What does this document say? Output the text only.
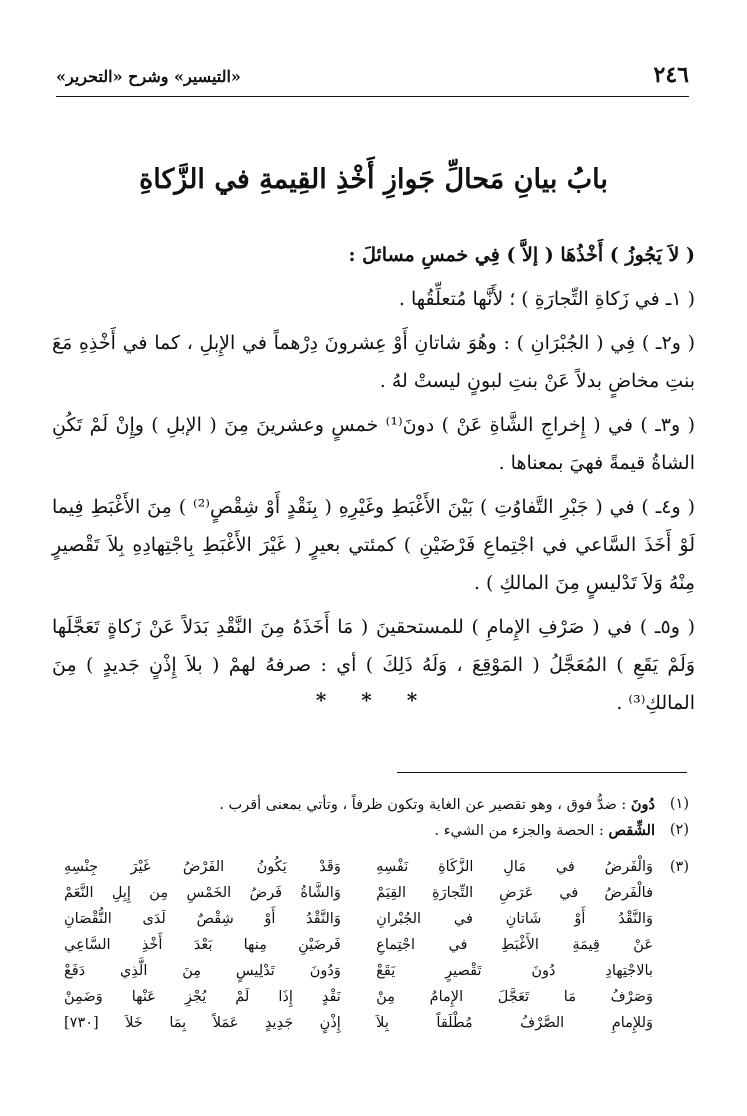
٢٤٦
«التيسير» وشرح «التحرير»
بابُ بيانِ مَحالِّ جَوازِ أَخْذِ القِيمةِ في الزَّكاةِ

( لاَ يَجُوزُ ) أَخْذُهَا ( إلاَّ ) فِي خمسِ مسائلَ :

( ١ـ في زَكاةِ التِّجارَةِ ) ؛ لأَنَّها مُتعلِّقُها .

( و٢ـ ) فِي ( الجُبْرَانِ ) : وهُوَ شاتانِ أَوْ عِشرونَ دِرْهماً في الإِبلِ ، كما في أَخْذِهِ مَعَ بنتِ مخاضٍ بدلاً عَنْ بنتِ لبونٍ ليستْ لهُ .

( و٣ـ ) في ( إِخراجِ الشَّاةِ عَنْ ) دونَ⁽¹⁾ خمسٍ وعشرينَ مِنَ ( الإبلِ ) وإِنْ لَمْ تَكُنِ الشاةُ قيمةً فهيَ بمعناها .

( و٤ـ ) في ( جَبْرِ التَّفاوُتِ ) بَيْنَ الأَغْبَطِ وغَيْرِهِ ( بِنَقْدٍ أَوْ شِقْصٍ⁽²⁾ ) مِنَ الأَغْبَطِ فِيما لَوْ أَخَذَ السَّاعي في اجْتِماعِ فَرْضَيْنِ ) كمئتي بعيرٍ ( غَيْرَ الأَغْبَطِ بِاجْتِهادِهِ بِلاَ تَقْصيرٍ مِنْهُ وَلاَ تَدْليسٍ مِنَ المالكِ ) .

( و٥ـ ) في ( صَرْفِ الإِمامِ ) للمستحقينَ ( مَا أَخَذَهُ مِنَ النَّقْدِ بَدَلاً عَنْ زَكاةٍ تَعَجَّلَها وَلَمْ يَقَعِ ) المُعَجَّلُ ( المَوْقِعَ ، وَلَهُ ذَلِكَ ) أي : صرفهُ لهمْ ( بلاَ إِذْنٍ جَديدٍ ) مِنَ المالكِ⁽³⁾ .

* * *
(١)
دُونَ : ضدُّ فوق ، وهو تقصير عن الغاية وتكون ظرفاً ، وتأتي بمعنى أقرب .
(٢)
الشِّقص : الحصة والجزء من الشيء .
(٣)
وَالْفَرضُ في مَالِ الزَّكَاةِ نَفْسِهِ
وَقَدْ يَكُونُ الفَرْضُ غَيْرَ جِنْسِهِ
فالْفَرضُ في عَرَضِ التِّجارَةِ القِيَمْ
وَالشَّاةُ فَرضُ الخَمْسِ مِن إِبِلِ النَّعَمْ
وَالنَّقْدُ أَوْ شَاتانِ في الجُبْرانِ
وَالنَّقْدُ أَوْ شِقْصٌ لَدَى النُّقْصَانِ
عَنْ قِيمَةِ الأَغْبَطِ في اجْتِماعِ
فَرضَيْنِ مِنها بَعْدَ أَخْذِ السَّاعِي
بالاجْتِهادِ دُونَ تَقْصيرٍ يَقَعْ
وَدُونَ تَدْلِيسٍ مِنَ الَّذِي دَفَعْ
وَصَرْفُ مَا تَعَجَّلَ الإِمامُ مِنْ
نَقْدٍ إِذَا لَمْ يُجْزِ عَنْها وَضَمِنْ
وَللإِمامِ الصَّرْفُ مُطْلَقاً بِلاَ
إِذْنٍ جَدِيدٍ عَمَلاً بِمَا خَلاَ [٧٣٠]
